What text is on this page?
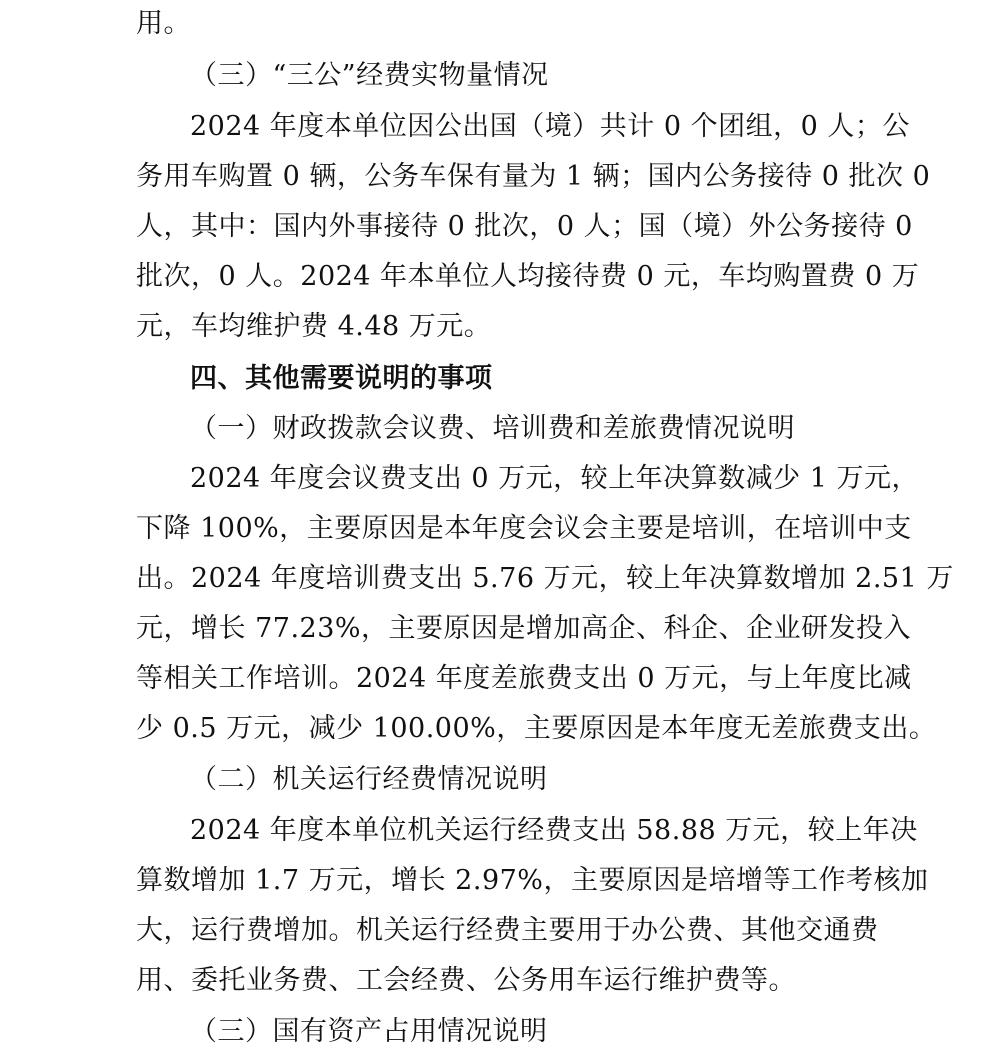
用。
（三）“三公”经费实物量情况
2024 年度本单位因公出国（境）共计 0 个团组，0 人；公
务用车购置 0 辆，公务车保有量为 1 辆；国内公务接待 0 批次 0
人，其中：国内外事接待 0 批次，0 人；国（境）外公务接待 0
批次，0 人。2024 年本单位人均接待费 0 元，车均购置费 0 万
元，车均维护费 4.48 万元。
四、其他需要说明的事项
（一）财政拨款会议费、培训费和差旅费情况说明
2024 年度会议费支出 0 万元，较上年决算数减少 1 万元，
下降 100%，主要原因是本年度会议会主要是培训，在培训中支
出。2024 年度培训费支出 5.76 万元，较上年决算数增加 2.51 万
元，增长 77.23%，主要原因是增加高企、科企、企业研发投入
等相关工作培训。2024 年度差旅费支出 0 万元，与上年度比减
少 0.5 万元，减少 100.00%，主要原因是本年度无差旅费支出。
（二）机关运行经费情况说明
2024 年度本单位机关运行经费支出 58.88 万元，较上年决
算数增加 1.7 万元，增长 2.97%，主要原因是培增等工作考核加
大，运行费增加。机关运行经费主要用于办公费、其他交通费
用、委托业务费、工会经费、公务用车运行维护费等。
（三）国有资产占用情况说明
